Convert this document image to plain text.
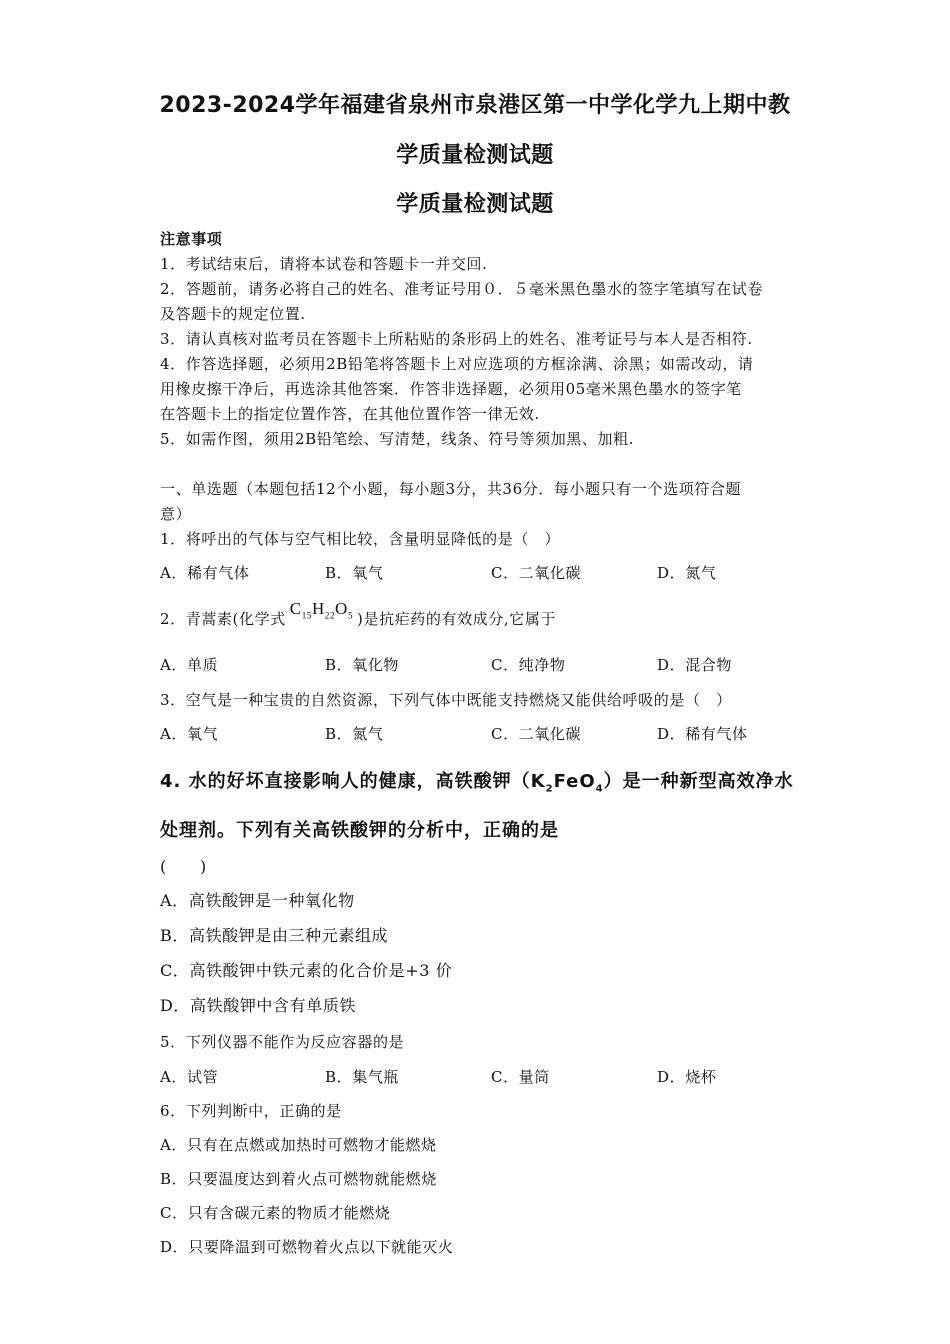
2023-2024学年福建省泉州市泉港区第一中学化学九上期中教
学质量检测试题
学质量检测试题
注意事项
1．考试结束后，请将本试卷和答题卡一并交回.
2．答题前，请务必将自己的姓名、准考证号用０．５毫米黑色墨水的签字笔填写在试卷
及答题卡的规定位置.
3．请认真核对监考员在答题卡上所粘贴的条形码上的姓名、准考证号与本人是否相符.
4．作答选择题，必须用2B铅笔将答题卡上对应选项的方框涂满、涂黑；如需改动，请
用橡皮擦干净后，再选涂其他答案．作答非选择题，必须用05毫米黑色墨水的签字笔
在答题卡上的指定位置作答，在其他位置作答一律无效.
5．如需作图，须用2B铅笔绘、写清楚，线条、符号等须加黑、加粗.
一、单选题（本题包括12个小题，每小题3分，共36分．每小题只有一个选项符合题
意）
1．将呼出的气体与空气相比较，含量明显降低的是（　）
A．稀有气体	B．氧气	C．二氧化碳	D．氮气
2．青蒿素(化学式$C_{15}H_{22}O_5$ )是抗疟药的有效成分,它属于
A．单质	B．氧化物	C．纯净物	D．混合物
3．空气是一种宝贵的自然资源，下列气体中既能支持燃烧又能供给呼吸的是（　）
A．氧气	B．氮气	C．二氧化碳	D．稀有气体
4. 水的好坏直接影响人的健康，高铁酸钾$(K_2FeO_4)$是一种新型高效净水
处理剂。下列有关高铁酸钾的分析中，正确的是
(　　)
A．高铁酸钾是一种氧化物
B．高铁酸钾是由三种元素组成
C．高铁酸钾中铁元素的化合价是+3 价
D．高铁酸钾中含有单质铁
5．下列仪器不能作为反应容器的是
A．试管	B．集气瓶	C．量筒	D．烧杯
6．下列判断中，正确的是
A．只有在点燃或加热时可燃物才能燃烧
B．只要温度达到着火点可燃物就能燃烧
C．只有含碳元素的物质才能燃烧
D．只要降温到可燃物着火点以下就能灭火
